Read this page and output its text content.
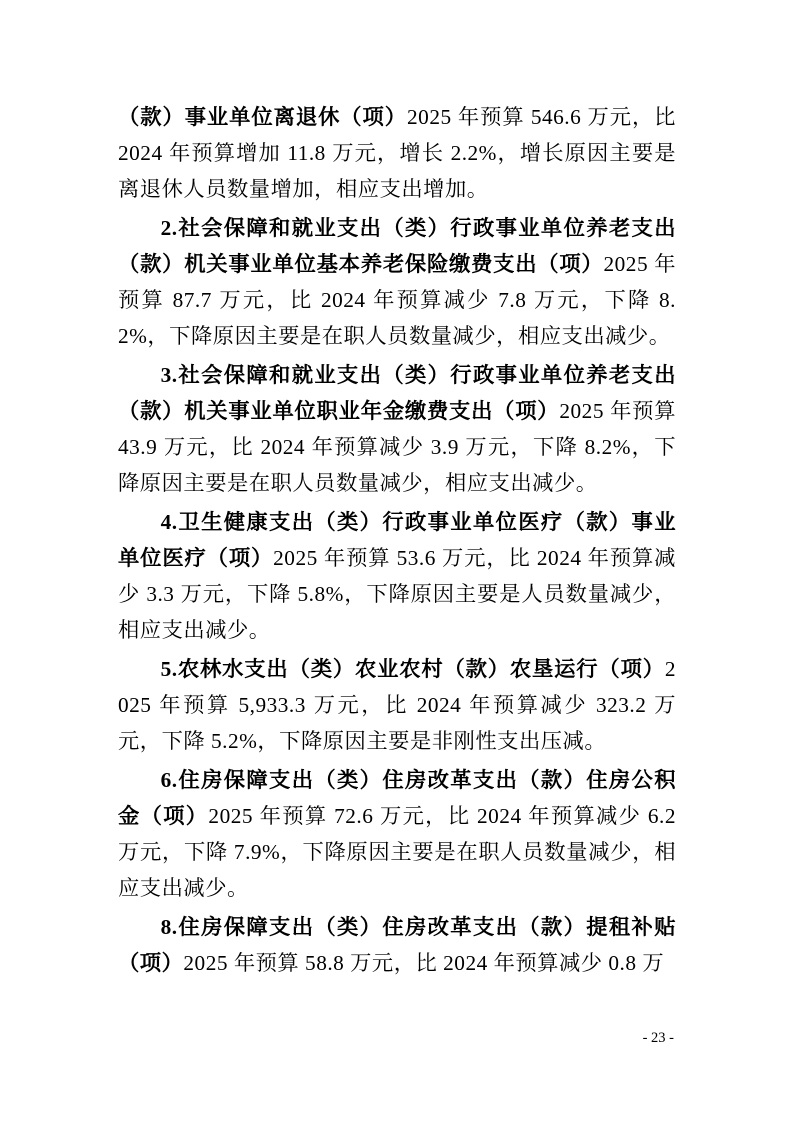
（款）事业单位离退休（项）2025 年预算 546.6 万元，比 2024 年预算增加 11.8 万元，增长 2.2%，增长原因主要是离退休人员数量增加，相应支出增加。

2.社会保障和就业支出（类）行政事业单位养老支出（款）机关事业单位基本养老保险缴费支出（项）2025 年预算 87.7 万元，比 2024 年预算减少 7.8 万元，下降 8.2%，下降原因主要是在职人员数量减少，相应支出减少。

3.社会保障和就业支出（类）行政事业单位养老支出（款）机关事业单位职业年金缴费支出（项）2025 年预算 43.9 万元，比 2024 年预算减少 3.9 万元，下降 8.2%，下降原因主要是在职人员数量减少，相应支出减少。

4.卫生健康支出（类）行政事业单位医疗（款）事业单位医疗（项）2025 年预算 53.6 万元，比 2024 年预算减少 3.3 万元，下降 5.8%，下降原因主要是人员数量减少，相应支出减少。

5.农林水支出（类）农业农村（款）农垦运行（项）2025 年预算 5,933.3 万元，比 2024 年预算减少 323.2 万元，下降 5.2%，下降原因主要是非刚性支出压减。

6.住房保障支出（类）住房改革支出（款）住房公积金（项）2025 年预算 72.6 万元，比 2024 年预算减少 6.2 万元，下降 7.9%，下降原因主要是在职人员数量减少，相应支出减少。

8.住房保障支出（类）住房改革支出（款）提租补贴（项）2025 年预算 58.8 万元，比 2024 年预算减少 0.8 万

- 23 -
